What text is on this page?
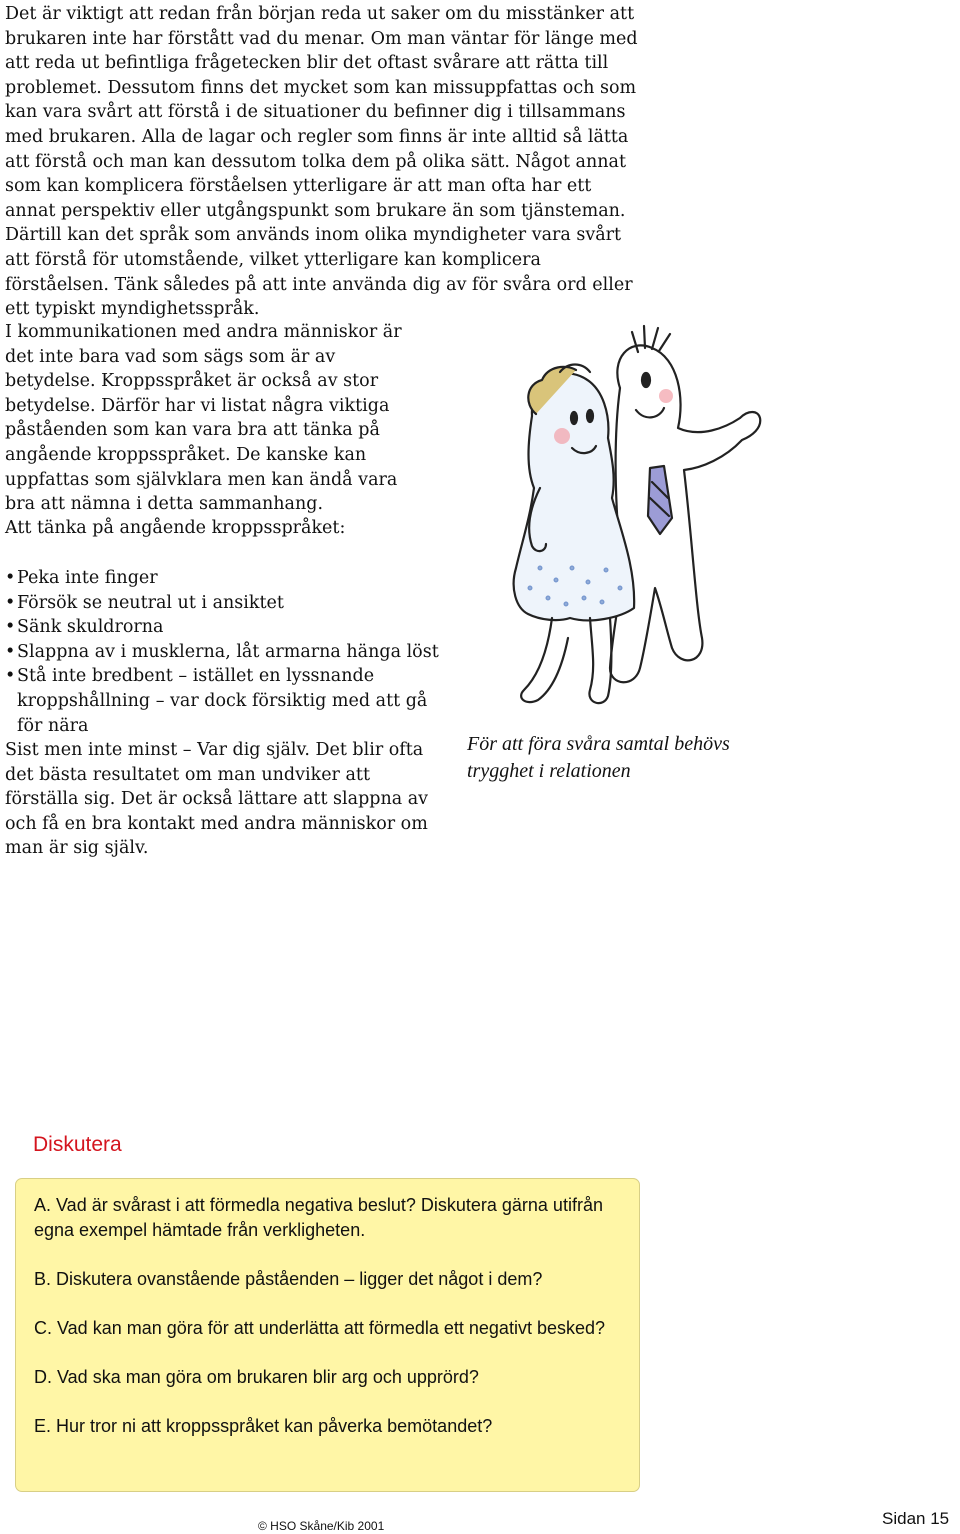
Det är viktigt att redan från början reda ut saker om du misstänker att brukaren inte har förstått vad du menar. Om man väntar för länge med att reda ut befintliga frågetecken blir det oftast svårare att rätta till problemet. Dessutom finns det mycket som kan missuppfattas och som kan vara svårt att förstå i de situationer du befinner dig i tillsammans med brukaren. Alla de lagar och regler som finns är inte alltid så lätta att förstå och man kan dessutom tolka dem på olika sätt. Något annat som kan komplicera förståelsen ytterligare är att man ofta har ett annat perspektiv eller utgångspunkt som brukare än som tjänsteman. Därtill kan det språk som används inom olika myndigheter vara svårt att förstå för utomstående, vilket ytterligare kan komplicera förståelsen. Tänk således på att inte använda dig av för svåra ord eller ett typiskt myndighetsspråk.

I kommunikationen med andra människor är det inte bara vad som sägs som är av betydelse. Kroppsspråket är också av stor betydelse. Därför har vi listat några viktiga påståenden som kan vara bra att tänka på angående kroppsspråket. De kanske kan uppfattas som självklara men kan ändå vara bra att nämna i detta sammanhang.

Att tänka på angående kroppsspråket:

• Peka inte finger
• Försök se neutral ut i ansiktet
• Sänk skuldrorna
• Slappna av i musklerna, låt armarna hänga löst
• Stå inte bredbent – istället en lyssnande kroppshållning – var dock försiktig med att gå för nära

Sist men inte minst – Var dig själv. Det blir ofta det bästa resultatet om man undviker att förställa sig. Det är också lättare att slappna av och få en bra kontakt med andra människor om man är sig själv.

För att föra svåra samtal behövs trygghet i relationen
Diskutera

A. Vad är svårast i att förmedla negativa beslut? Diskutera gärna utifrån egna exempel hämtade från verkligheten.

B. Diskutera ovanstående påståenden – ligger det något i dem?

C. Vad kan man göra för att underlätta att förmedla ett negativt besked?

D. Vad ska man göra om brukaren blir arg och upprörd?

E. Hur tror ni att kroppsspråket kan påverka bemötandet?

© HSO Skåne/Kib 2001	Sidan 15
